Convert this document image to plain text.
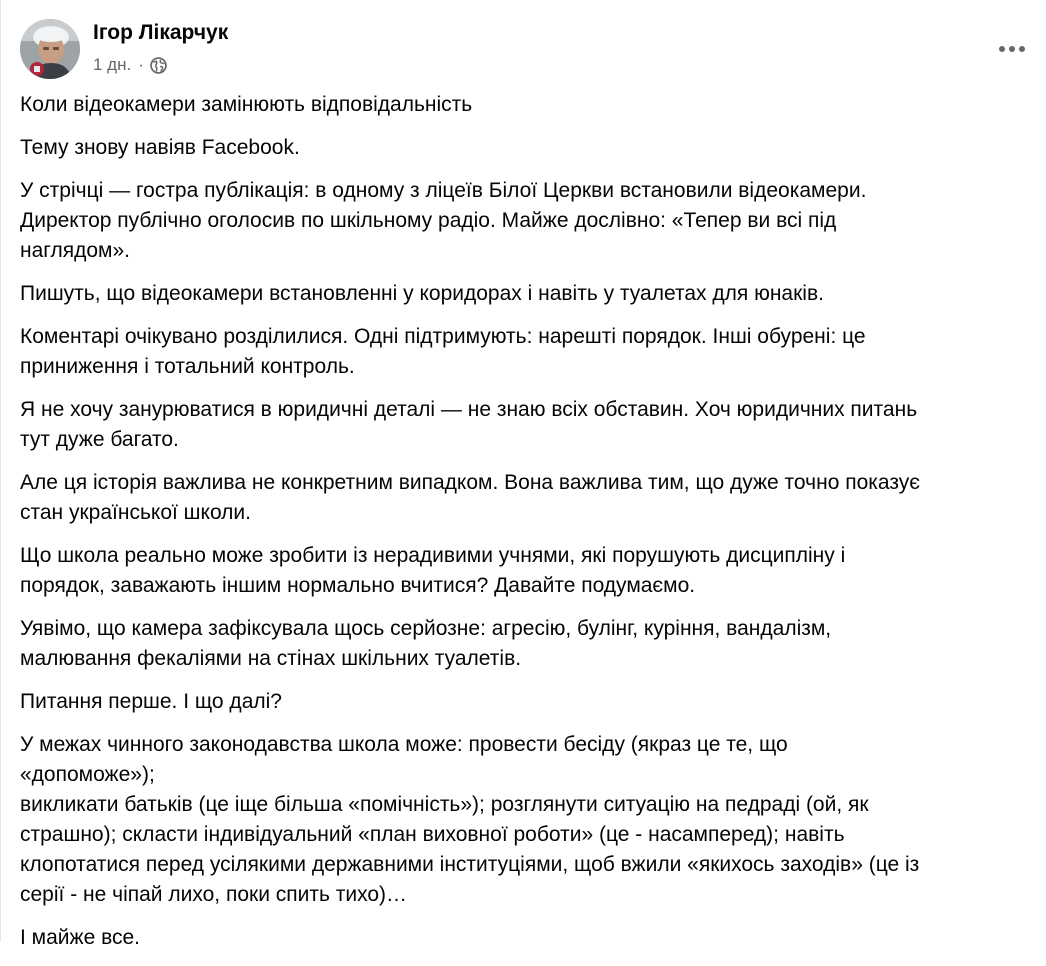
Ігор Лікарчук
1 дн. ·

Коли відеокамери замінюють відповідальність

Тему знову навіяв Facebook.

У стрічці — гостра публікація: в одному з ліцеїв Білої Церкви встановили відеокамери.
Директор публічно оголосив по шкільному радіо. Майже дослівно: «Тепер ви всі під
наглядом».

Пишуть, що відеокамери встановленні у коридорах і навіть у туалетах для юнаків.

Коментарі очікувано розділилися. Одні підтримують: нарешті порядок. Інші обурені: це
приниження і тотальний контроль.

Я не хочу занурюватися в юридичні деталі — не знаю всіх обставин. Хоч юридичних питань
тут дуже багато.

Але ця історія важлива не конкретним випадком. Вона важлива тим, що дуже точно показує
стан української школи.

Що школа реально може зробити із нерадивими учнями, які порушують дисципліну і
порядок, заважають іншим нормально вчитися? Давайте подумаємо.

Уявімо, що камера зафіксувала щось серйозне: агресію, булінг, куріння, вандалізм,
малювання фекаліями на стінах шкільних туалетів.

Питання перше. І що далі?

У межах чинного законодавства школа може: провести бесіду (якраз це те, що
«допоможе»);
викликати батьків (це іще більша «помічність»); розглянути ситуацію на педраді (ой, як
страшно); скласти індивідуальний «план виховної роботи» (це - насамперед); навіть
клопотатися перед усілякими державними інституціями, щоб вжили «якихось заходів» (це із
серії - не чіпай лихо, поки спить тихо)…

І майже все.
